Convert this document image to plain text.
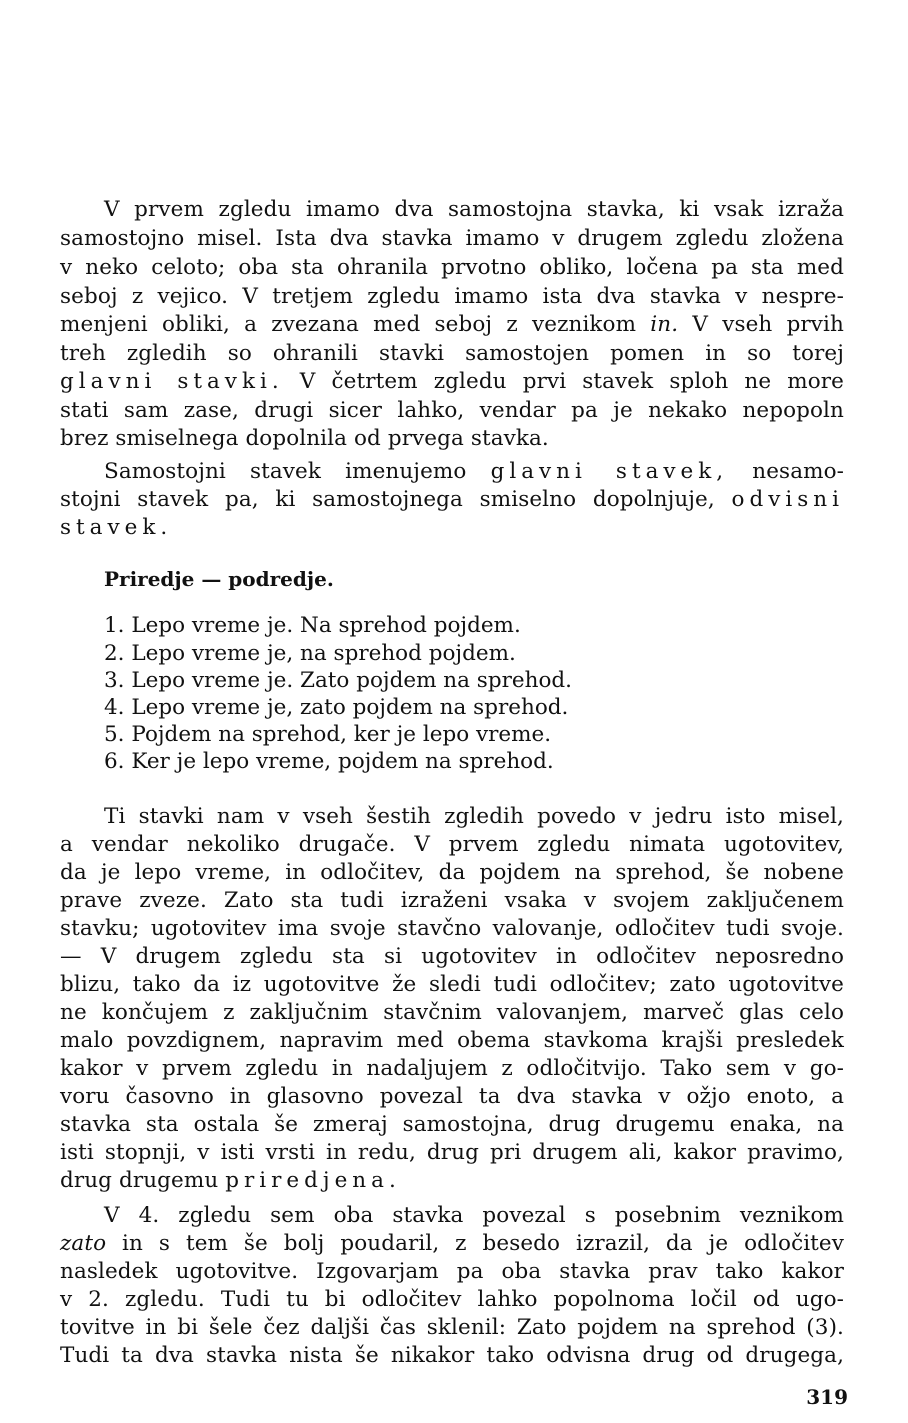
V prvem zgledu imamo dva samostojna stavka, ki vsak izraža
samostojno misel. Ista dva stavka imamo v drugem zgledu zložena
v neko celoto; oba sta ohranila prvotno obliko, ločena pa sta med
seboj z vejico. V tretjem zgledu imamo ista dva stavka v nespre-
menjeni obliki, a zvezana med seboj z veznikom in. V vseh prvih
treh zgledih so ohranili stavki samostojen pomen in so torej
glavni stavki. V četrtem zgledu prvi stavek sploh ne more
stati sam zase, drugi sicer lahko, vendar pa je nekako nepopoln
brez smiselnega dopolnila od prvega stavka.
Samostojni stavek imenujemo glavni stavek, nesamo-
stojni stavek pa, ki samostojnega smiselno dopolnjuje, odvisni
stavek.
Priredje — podredje.
1. Lepo vreme je. Na sprehod pojdem.
2. Lepo vreme je, na sprehod pojdem.
3. Lepo vreme je. Zato pojdem na sprehod.
4. Lepo vreme je, zato pojdem na sprehod.
5. Pojdem na sprehod, ker je lepo vreme.
6. Ker je lepo vreme, pojdem na sprehod.
Ti stavki nam v vseh šestih zgledih povedo v jedru isto misel,
a vendar nekoliko drugače. V prvem zgledu nimata ugotovitev,
da je lepo vreme, in odločitev, da pojdem na sprehod, še nobene
prave zveze. Zato sta tudi izraženi vsaka v svojem zaključenem
stavku; ugotovitev ima svoje stavčno valovanje, odločitev tudi svoje.
— V drugem zgledu sta si ugotovitev in odločitev neposredno
blizu, tako da iz ugotovitve že sledi tudi odločitev; zato ugotovitve
ne končujem z zaključnim stavčnim valovanjem, marveč glas celo
malo povzdignem, napravim med obema stavkoma krajši presledek
kakor v prvem zgledu in nadaljujem z odločitvijo. Tako sem v go-
voru časovno in glasovno povezal ta dva stavka v ožjo enoto, a
stavka sta ostala še zmeraj samostojna, drug drugemu enaka, na
isti stopnji, v isti vrsti in redu, drug pri drugem ali, kakor pravimo,
drug drugemu priredjena.
V 4. zgledu sem oba stavka povezal s posebnim veznikom
zato in s tem še bolj poudaril, z besedo izrazil, da je odločitev
nasledek ugotovitve. Izgovarjam pa oba stavka prav tako kakor
v 2. zgledu. Tudi tu bi odločitev lahko popolnoma ločil od ugo-
tovitve in bi šele čez daljši čas sklenil: Zato pojdem na sprehod (3).
Tudi ta dva stavka nista še nikakor tako odvisna drug od drugega,
319
